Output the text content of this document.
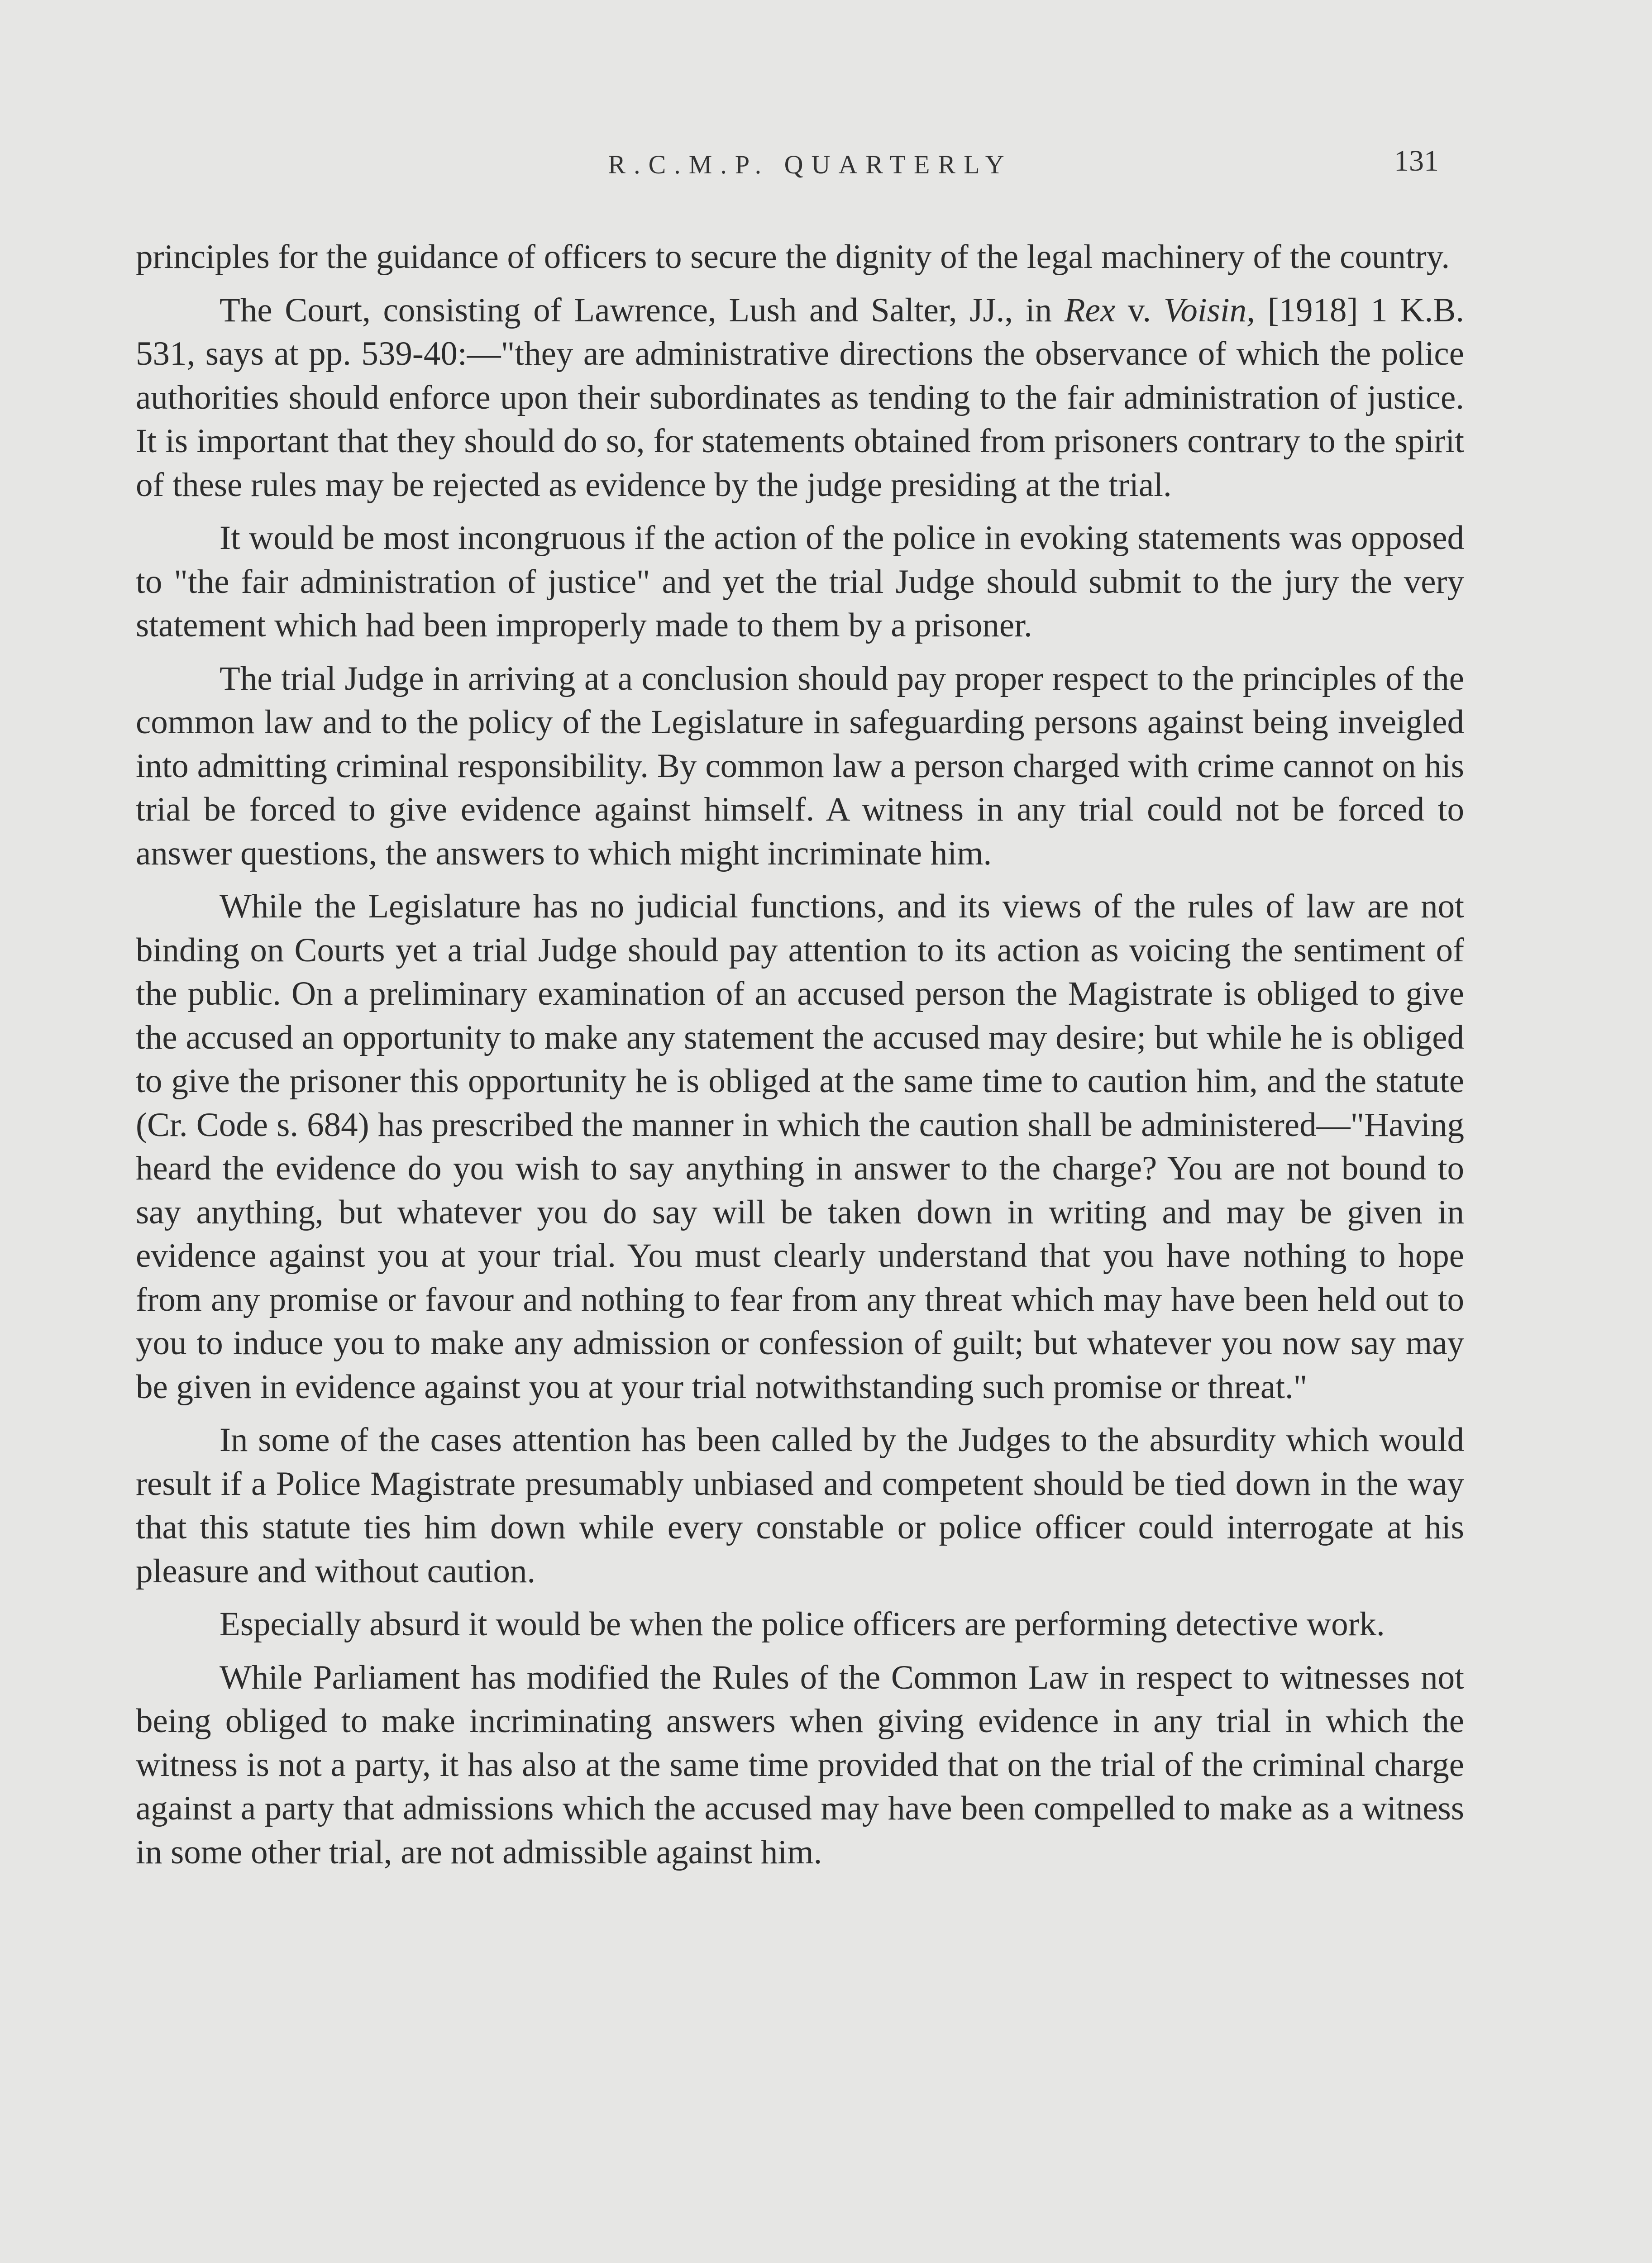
R.C.M.P. QUARTERLY	131

principles for the guidance of officers to secure the dignity of the legal machinery of the country.

The Court, consisting of Lawrence, Lush and Salter, JJ., in Rex v. Voisin, [1918] 1 K.B. 531, says at pp. 539-40:—"they are administrative directions the observance of which the police authorities should enforce upon their subordinates as tending to the fair administration of justice. It is important that they should do so, for statements obtained from prisoners contrary to the spirit of these rules may be rejected as evidence by the judge presiding at the trial.

It would be most incongruous if the action of the police in evoking statements was opposed to "the fair administration of justice" and yet the trial Judge should submit to the jury the very statement which had been improperly made to them by a prisoner.

The trial Judge in arriving at a conclusion should pay proper respect to the principles of the common law and to the policy of the Legislature in safeguarding persons against being inveigled into admitting criminal responsibility. By common law a person charged with crime cannot on his trial be forced to give evidence against himself. A witness in any trial could not be forced to answer questions, the answers to which might incriminate him.

While the Legislature has no judicial functions, and its views of the rules of law are not binding on Courts yet a trial Judge should pay attention to its action as voicing the sentiment of the public. On a preliminary examination of an accused person the Magistrate is obliged to give the accused an opportunity to make any statement the accused may desire; but while he is obliged to give the prisoner this opportunity he is obliged at the same time to caution him, and the statute (Cr. Code s. 684) has prescribed the manner in which the caution shall be administered—"Having heard the evidence do you wish to say anything in answer to the charge? You are not bound to say anything, but whatever you do say will be taken down in writing and may be given in evidence against you at your trial. You must clearly understand that you have nothing to hope from any promise or favour and nothing to fear from any threat which may have been held out to you to induce you to make any admission or confession of guilt; but whatever you now say may be given in evidence against you at your trial notwithstanding such promise or threat."

In some of the cases attention has been called by the Judges to the absurdity which would result if a Police Magistrate presumably unbiased and competent should be tied down in the way that this statute ties him down while every constable or police officer could interrogate at his pleasure and without caution.

Especially absurd it would be when the police officers are performing detective work.

While Parliament has modified the Rules of the Common Law in respect to witnesses not being obliged to make incriminating answers when giving evidence in any trial in which the witness is not a party, it has also at the same time provided that on the trial of the criminal charge against a party that admissions which the accused may have been compelled to make as a witness in some other trial, are not admissible against him.
